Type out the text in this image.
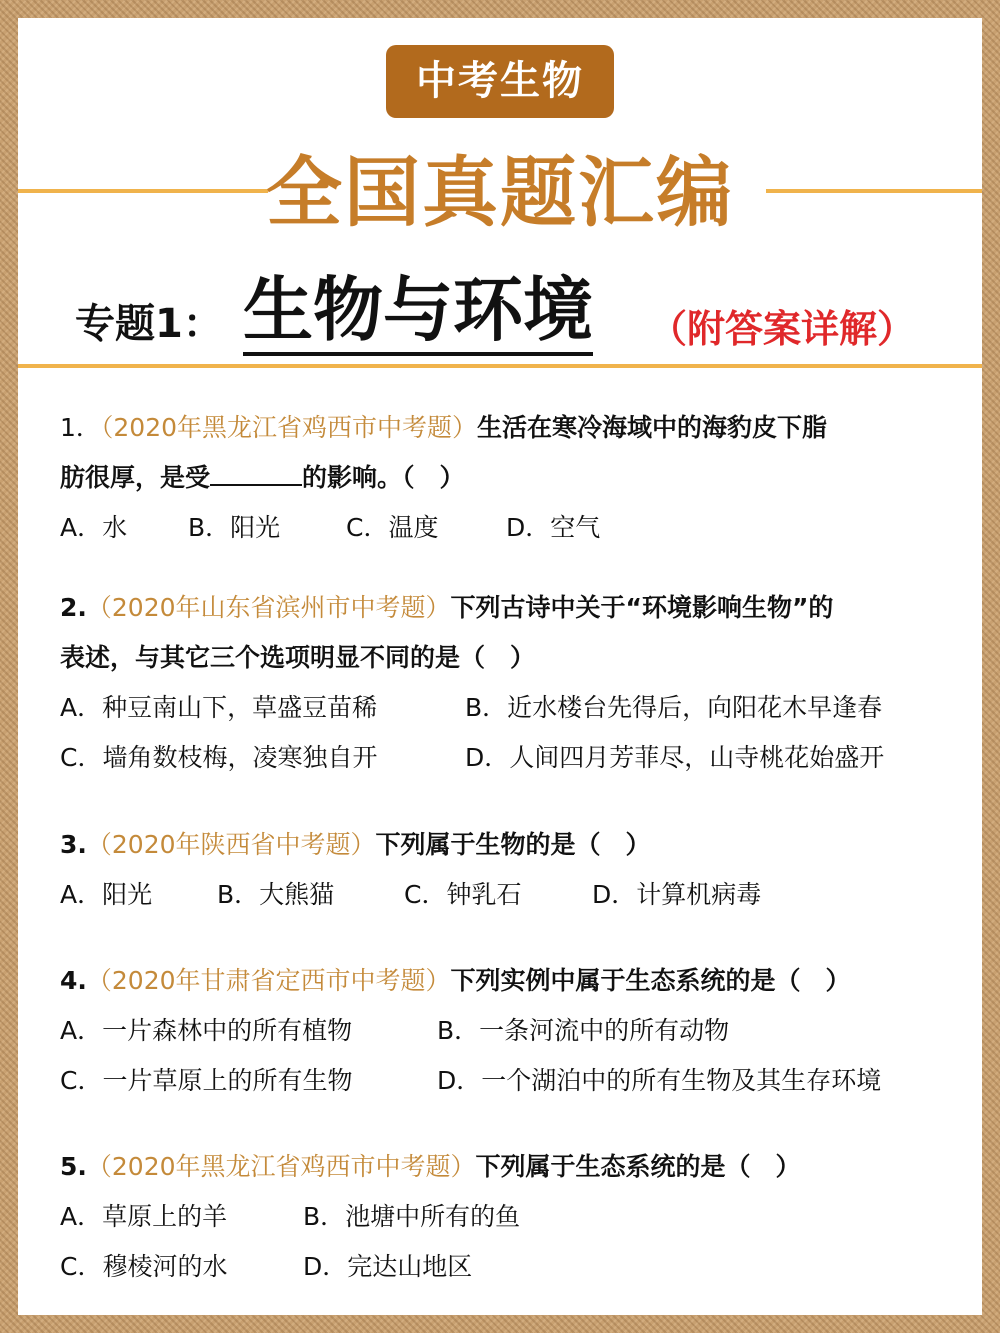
中考生物
全国真题汇编
专题1： 生物与环境 （附答案详解）
1．（2020年黑龙江省鸡西市中考题）生活在寒冷海域中的海豹皮下脂
肪很厚，是受	的影响。（　）
A．水 B．阳光	C．温度	D．空气
2.（2020年山东省滨州市中考题）下列古诗中关于“环境影响生物”的
表述，与其它三个选项明显不同的是（　）
A．种豆南山下，草盛豆苗稀	B．近水楼台先得后，向阳花木早逢春
C．墙角数枝梅，凌寒独自开	D．人间四月芳菲尽，山寺桃花始盛开
3.（2020年陕西省中考题）下列属于生物的是（　）
A．阳光	B．大熊猫	C．钟乳石	D．计算机病毒
4.（2020年甘肃省定西市中考题）下列实例中属于生态系统的是（　）
A．一片森林中的所有植物	B．一条河流中的所有动物
C．一片草原上的所有生物	D．一个湖泊中的所有生物及其生存环境
5.（2020年黑龙江省鸡西市中考题）下列属于生态系统的是（　）
A．草原上的羊	B．池塘中所有的鱼
C．穆棱河的水	D．完达山地区
